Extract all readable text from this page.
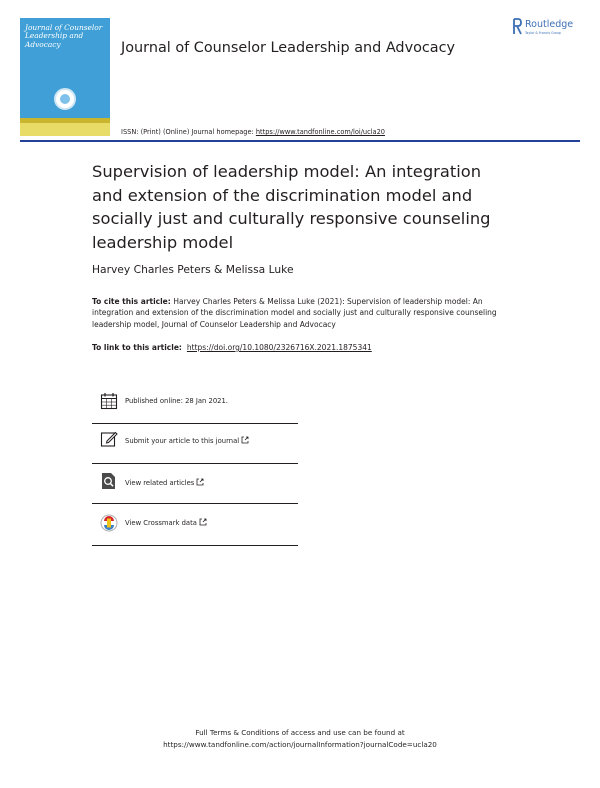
·
Journal of Counselor Leadership and Advocacy	Journal of Counselor Leadership and Advocacy
ISSN: (Print) (Online) Journal homepage: https://www.tandfonline.com/loi/ucla20
Routledge
Taylor & Francis Group
Supervision of leadership model: An integration and extension of the discrimination model and socially just and culturally responsive counseling leadership model
Harvey Charles Peters & Melissa Luke
To cite this article: Harvey Charles Peters & Melissa Luke (2021): Supervision of leadership model: An integration and extension of the discrimination model and socially just and culturally responsive counseling leadership model, Journal of Counselor Leadership and Advocacy
To link to this article:  https://doi.org/10.1080/2326716X.2021.1875341
Published online: 28 Jan 2021.
Submit your article to this journal
View related articles
View Crossmark data
Full Terms & Conditions of access and use can be found at
https://www.tandfonline.com/action/journalInformation?journalCode=ucla20
